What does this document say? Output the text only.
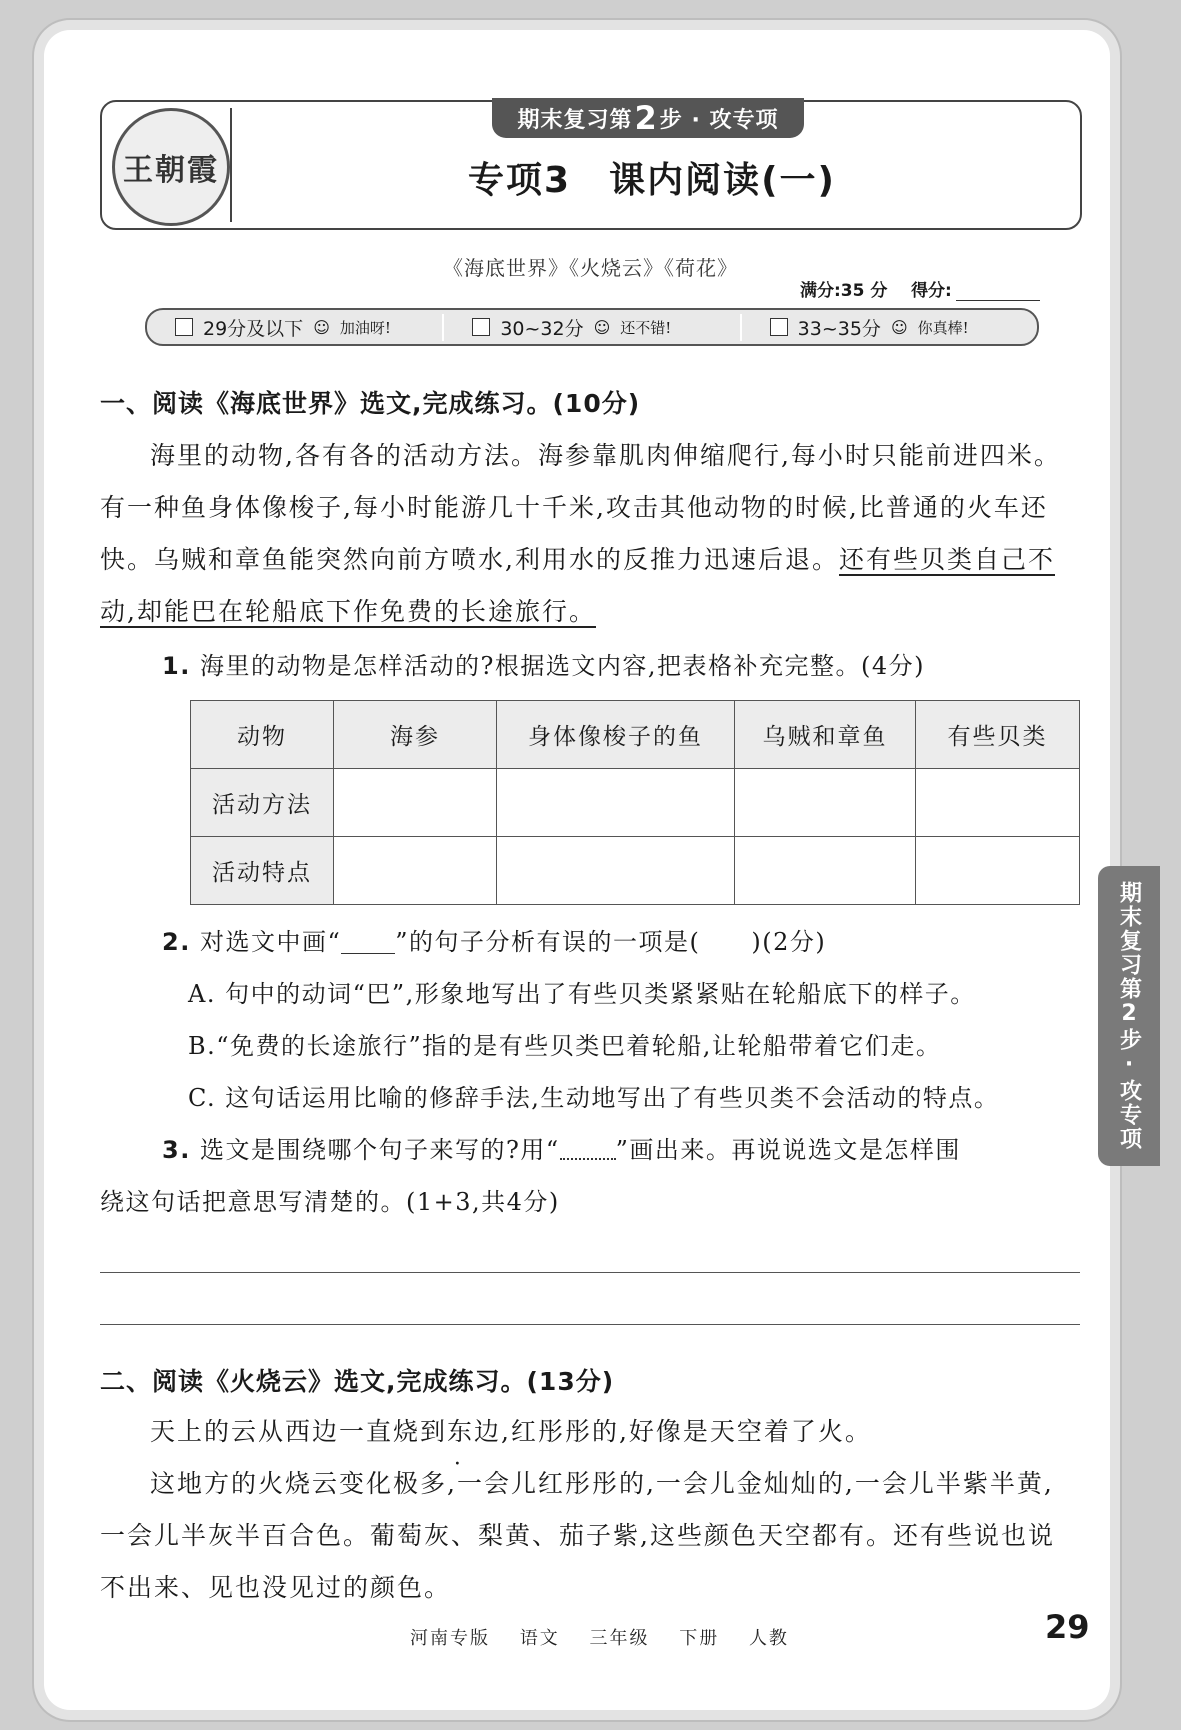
王朝霞
期末复习第 2 步 · 攻专项
专项3　课内阅读(一)
《海底世界》《火烧云》《荷花》
满分:35 分 得分:
29分及以下 ☺ 加油呀!	30~32分 ☺ 还不错!	33~35分 ☺ 你真棒!
一、阅读《海底世界》选文,完成练习。(10分)

海里的动物,各有各的活动方法。海参靠肌肉伸缩爬行,每小时只能前进四米。有一种鱼身体像梭子,每小时能游几十千米,攻击其他动物的时候,比普通的火车还快。乌贼和章鱼能突然向前方喷水,利用水的反推力迅速后退。还有些贝类自己不动,却能巴在轮船底下作免费的长途旅行。

1. 海里的动物是怎样活动的?根据选文内容,把表格补充完整。(4分)
动物	海参	身体像梭子的鱼	乌贼和章鱼	有些贝类
活动方法				
活动特点				
2. 对选文中画“ ”的句子分析有误的一项是(　　)(2分)
A. 句中的动词“巴”,形象地写出了有些贝类紧紧贴在轮船底下的样子。
B.“免费的长途旅行”指的是有些贝类巴着轮船,让轮船带着它们走。
C. 这句话运用比喻的修辞手法,生动地写出了有些贝类不会活动的特点。
3. 选文是围绕哪个句子来写的?用“ ”画出来。再说说选文是怎样围
绕这句话把意思写清楚的。(1+3,共4分)
二、阅读《火烧云》选文,完成练习。(13分)

天上的云从西边一直烧 ·到东边,红彤彤的,好像是天空着了火。

这地方的火烧云变化极多,一会儿红彤彤的,一会儿金灿灿的,一会儿半紫半黄,一会儿半灰半百合色。葡萄灰、梨黄、茄子紫,这些颜色天空都有。还有些说也说不出来、见也没见过的颜色。

期末复习第2步·攻专项
河南专版 语文 三年级 下册 人教	29
